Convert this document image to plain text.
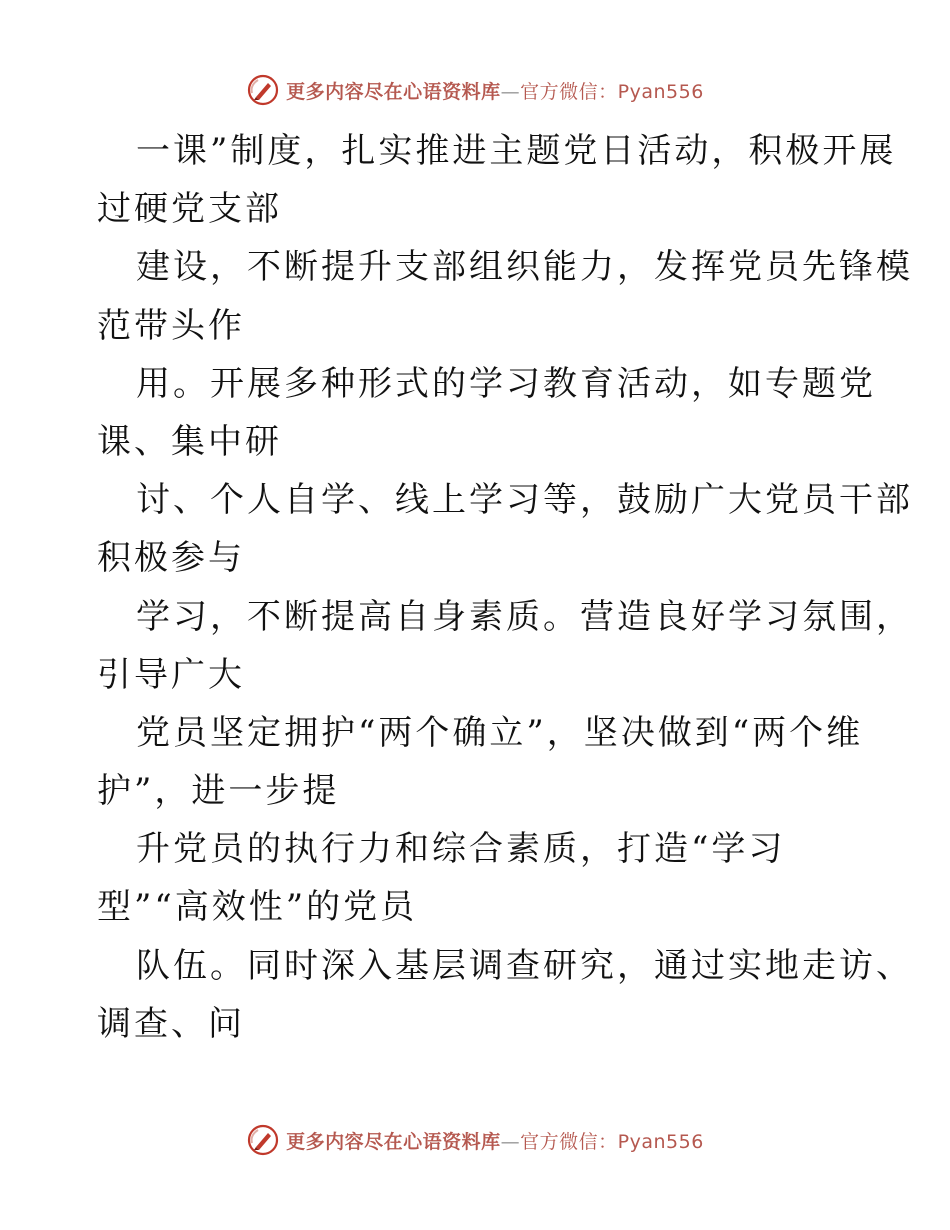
更多内容尽在心语资料库—官方微信：Pyan556
一课”制度，扎实推进主题党日活动，积极开展
过硬党支部
建设，不断提升支部组织能力，发挥党员先锋模
范带头作
用。开展多种形式的学习教育活动，如专题党
课、集中研
讨、个人自学、线上学习等，鼓励广大党员干部
积极参与
学习，不断提高自身素质。营造良好学习氛围，
引导广大
党员坚定拥护“两个确立”，坚决做到“两个维
护”，进一步提
升党员的执行力和综合素质，打造“学习
型”“高效性”的党员
队伍。同时深入基层调查研究，通过实地走访、
调查、问
更多内容尽在心语资料库—官方微信：Pyan556
